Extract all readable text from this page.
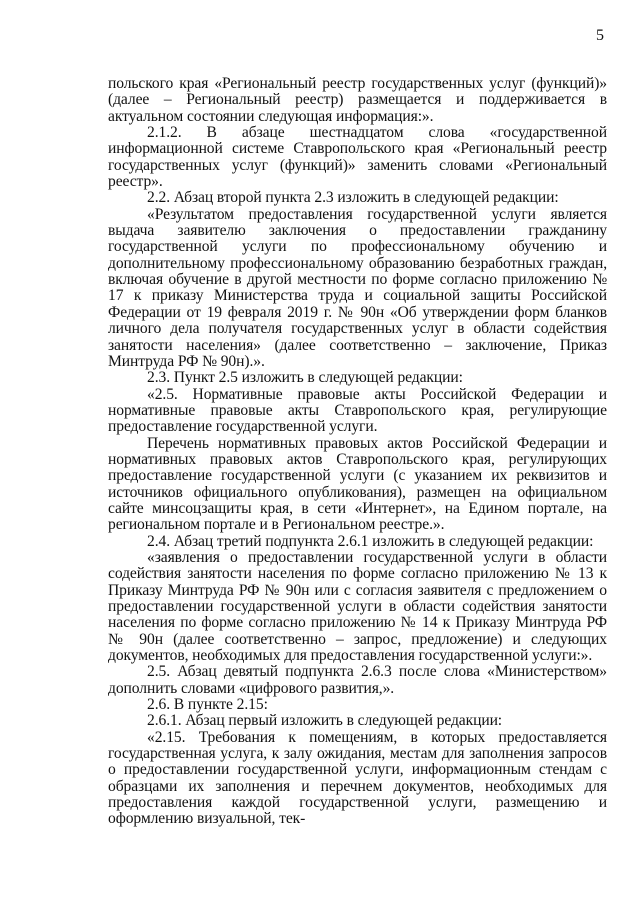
5

польского края «Региональный реестр государственных услуг (функций)» (далее – Региональный реестр) размещается и поддерживается в актуальном состоянии следующая информация:».

2.1.2. В абзаце шестнадцатом слова «государственной информационной системе Ставропольского края «Региональный реестр государственных услуг (функций)» заменить словами «Региональный реестр».

2.2. Абзац второй пункта 2.3 изложить в следующей редакции:

«Результатом предоставления государственной услуги является выдача заявителю заключения о предоставлении гражданину государственной услуги по профессиональному обучению и дополнительному профессиональному образованию безработных граждан, включая обучение в другой местности по форме согласно приложению № 17 к приказу Министерства труда и социальной защиты Российской Федерации от 19 февраля 2019 г. № 90н «Об утверждении форм бланков личного дела получателя государственных услуг в области содействия занятости населения» (далее соответственно – заключение, Приказ Минтруда РФ № 90н).».

2.3. Пункт 2.5 изложить в следующей редакции:

«2.5. Нормативные правовые акты Российской Федерации и нормативные правовые акты Ставропольского края, регулирующие предоставление государственной услуги.

Перечень нормативных правовых актов Российской Федерации и нормативных правовых актов Ставропольского края, регулирующих предоставление государственной услуги (с указанием их реквизитов и источников официального опубликования), размещен на официальном сайте минсоцзащиты края, в сети «Интернет», на Едином портале, на региональном портале и в Региональном реестре.».

2.4. Абзац третий подпункта 2.6.1 изложить в следующей редакции:

«заявления о предоставлении государственной услуги в области содействия занятости населения по форме согласно приложению № 13 к Приказу Минтруда РФ № 90н или с согласия заявителя с предложением о предоставлении государственной услуги в области содействия занятости населения по форме согласно приложению № 14 к Приказу Минтруда РФ № 90н (далее соответственно – запрос, предложение) и следующих документов, необходимых для предоставления государственной услуги:».

2.5. Абзац девятый подпункта 2.6.3 после слова «Министерством» дополнить словами «цифрового развития,».

2.6. В пункте 2.15:

2.6.1. Абзац первый изложить в следующей редакции:

«2.15. Требования к помещениям, в которых предоставляется государственная услуга, к залу ожидания, местам для заполнения запросов о предоставлении государственной услуги, информационным стендам с образцами их заполнения и перечнем документов, необходимых для предоставления каждой государственной услуги, размещению и оформлению визуальной, тек-
